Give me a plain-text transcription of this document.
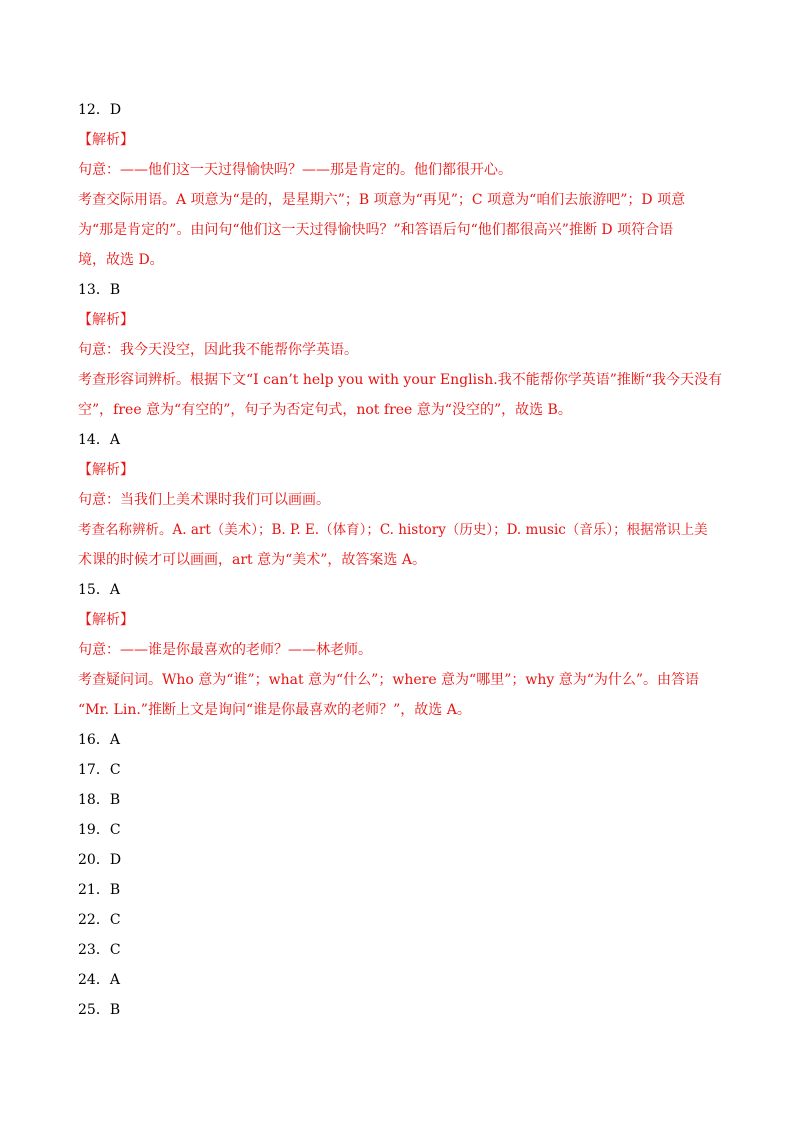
12．D
【解析】
句意：——他们这一天过得愉快吗？——那是肯定的。他们都很开心。
考查交际用语。A 项意为“是的，是星期六”；B 项意为“再见”；C 项意为“咱们去旅游吧”；D 项意
为“那是肯定的”。由问句“他们这一天过得愉快吗？”和答语后句“他们都很高兴”推断 D 项符合语
境，故选 D。
13．B
【解析】
句意：我今天没空，因此我不能帮你学英语。
考查形容词辨析。根据下文“I can’t help you with your English.我不能帮你学英语”推断“我今天没有
空”，free 意为“有空的”，句子为否定句式，not free 意为“没空的”，故选 B。
14．A
【解析】
句意：当我们上美术课时我们可以画画。
考查名称辨析。A. art（美术）；B. P. E.（体育）；C. history（历史）；D. music（音乐）；根据常识上美
术课的时候才可以画画，art 意为“美术”，故答案选 A。
15．A
【解析】
句意：——谁是你最喜欢的老师？——林老师。
考查疑问词。Who 意为“谁”；what 意为“什么”；where 意为“哪里”；why 意为“为什么”。由答语
“Mr. Lin.”推断上文是询问“谁是你最喜欢的老师？”，故选 A。
16．A
17．C
18．B
19．C
20．D
21．B
22．C
23．C
24．A
25．B
